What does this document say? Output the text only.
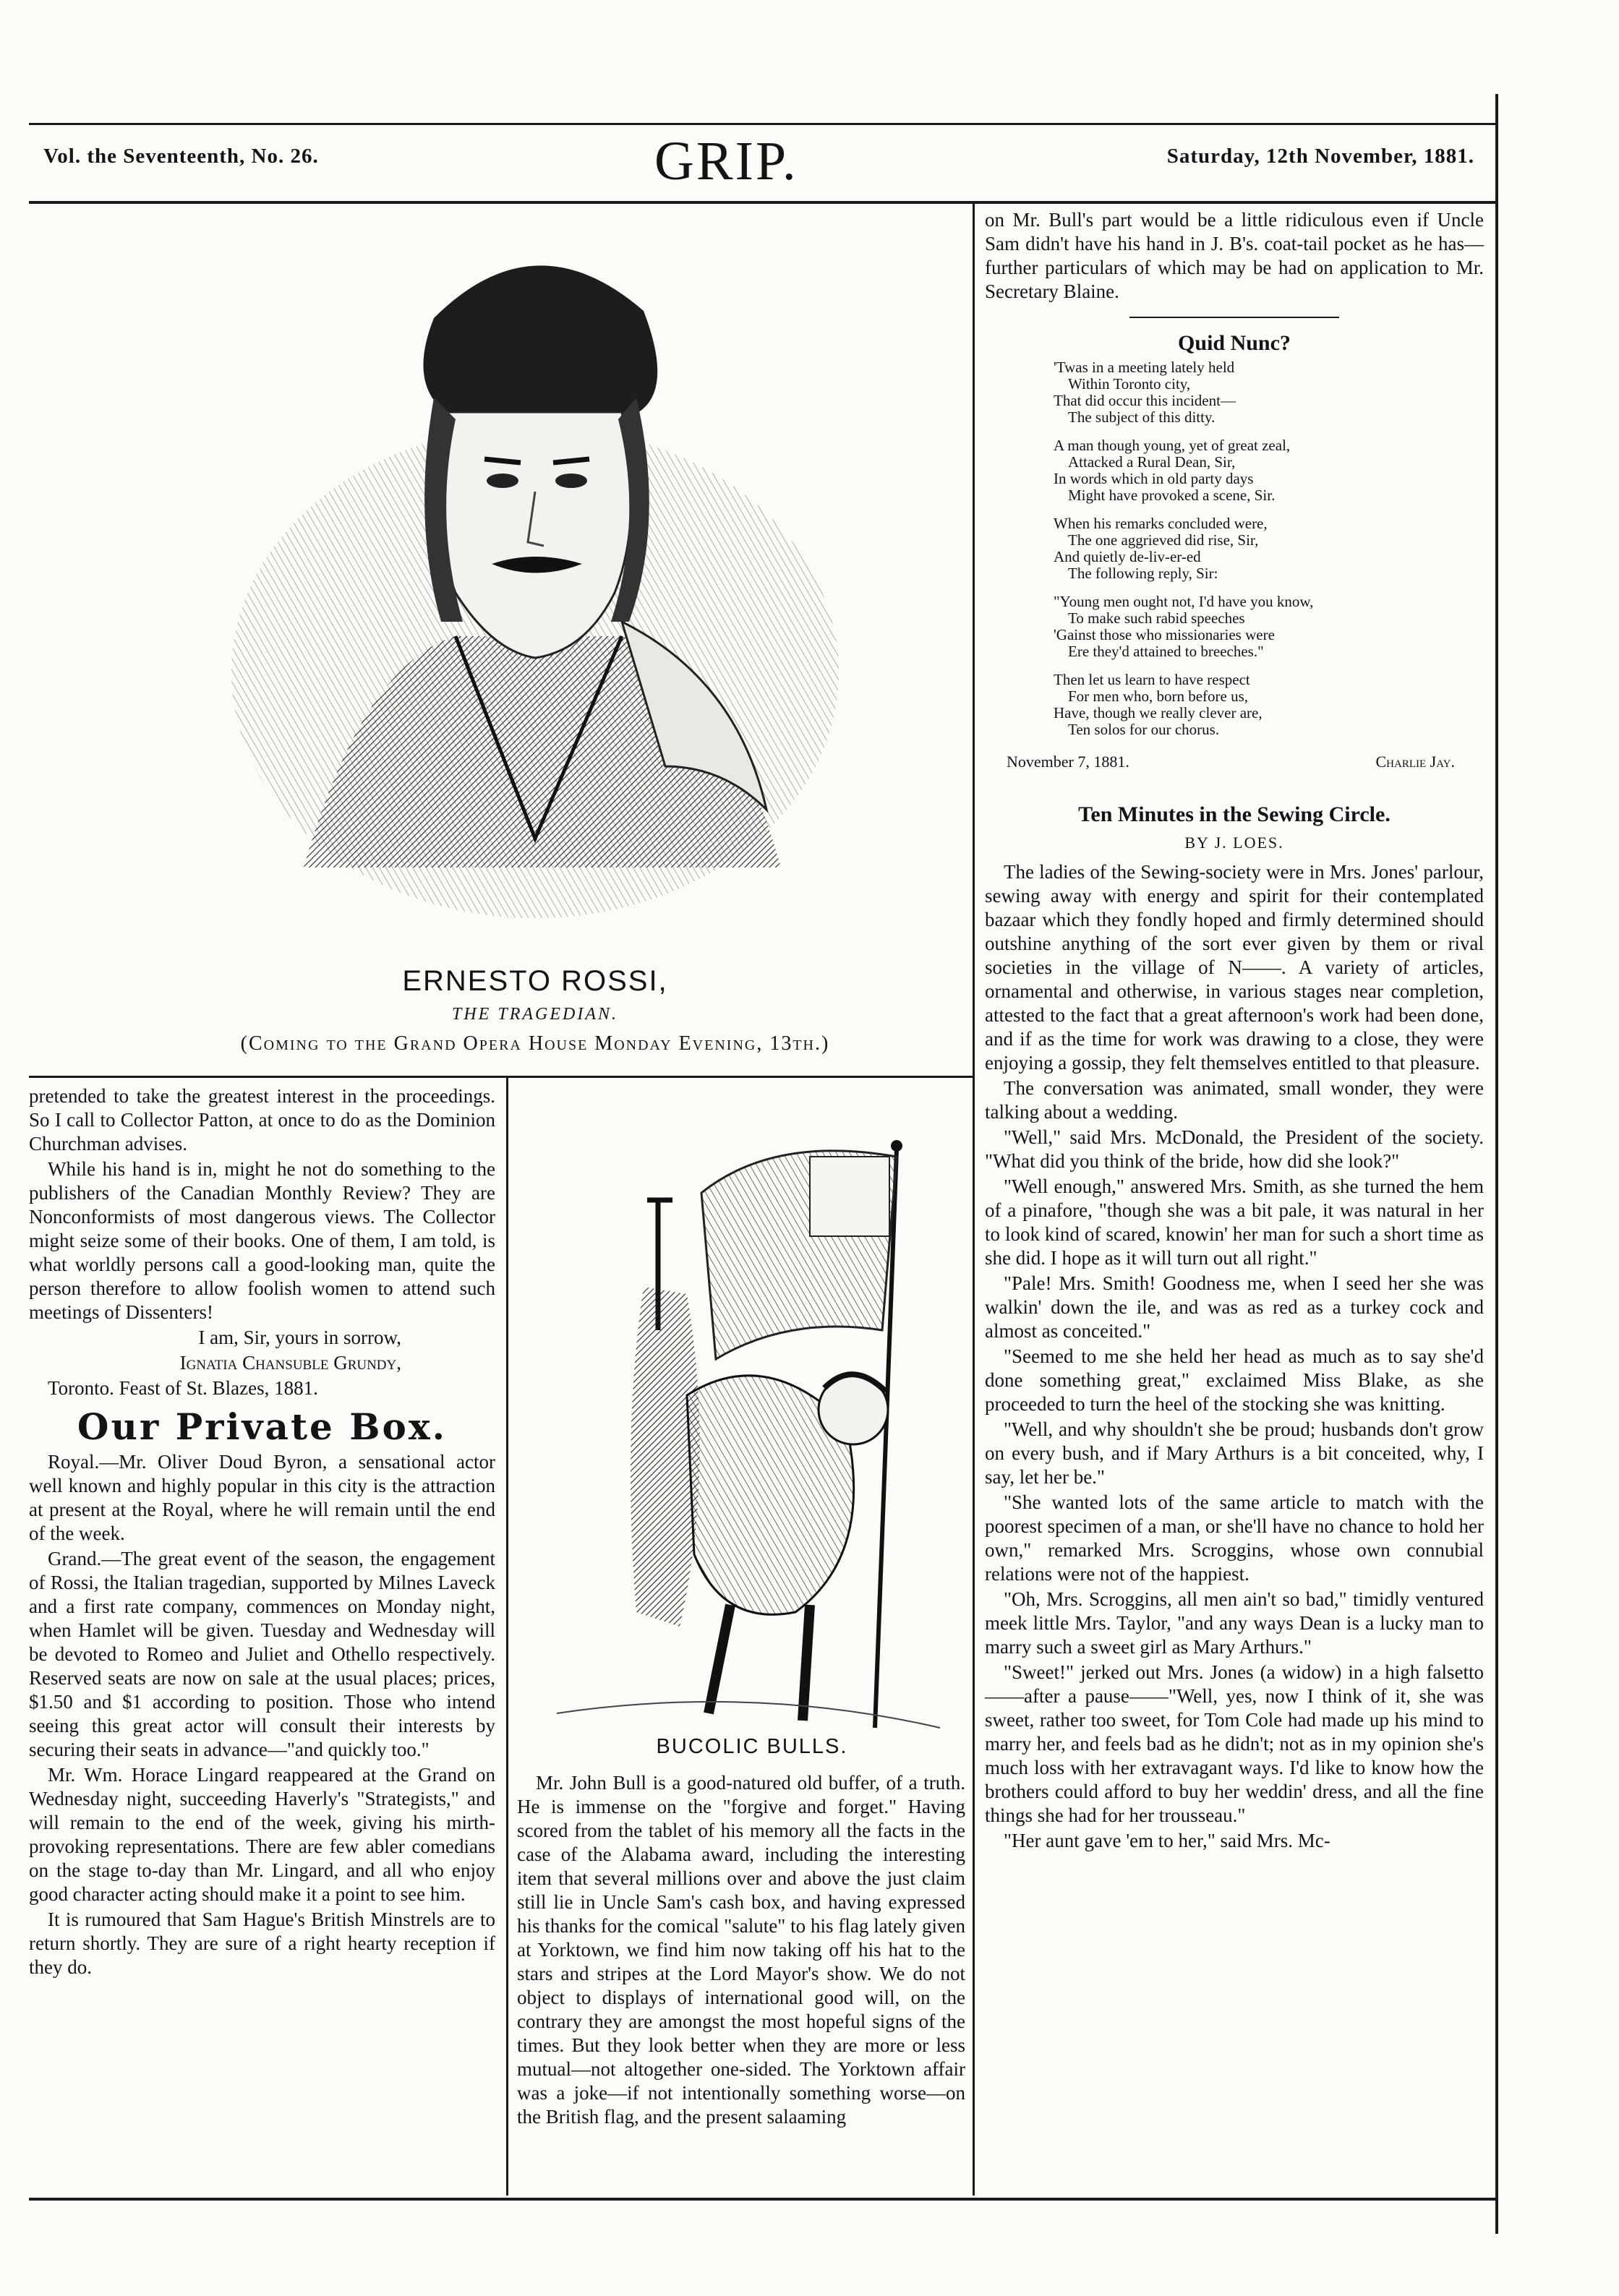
Vol. the Seventeenth, No. 26.	GRIP.	Saturday, 12th November, 1881.
ERNESTO ROSSI,
THE TRAGEDIAN.
(Coming to the Grand Opera House Monday Evening, 13th.)

pretended to take the greatest interest in the proceedings. So I call to Collector Patton, at once to do as the Dominion Churchman advises.

While his hand is in, might he not do something to the publishers of the Canadian Monthly Review? They are Nonconformists of most dangerous views. The Collector might seize some of their books. One of them, I am told, is what worldly persons call a good-looking man, quite the person therefore to allow foolish women to attend such meetings of Dissenters!

I am, Sir, yours in sorrow,

Ignatia Chansuble Grundy,

Toronto. Feast of St. Blazes, 1881.

Our Private Box.

Royal.—Mr. Oliver Doud Byron, a sensational actor well known and highly popular in this city is the attraction at present at the Royal, where he will remain until the end of the week.

Grand.—The great event of the season, the engagement of Rossi, the Italian tragedian, supported by Milnes Laveck and a first rate company, commences on Monday night, when Hamlet will be given. Tuesday and Wednesday will be devoted to Romeo and Juliet and Othello respectively. Reserved seats are now on sale at the usual places; prices, $1.50 and $1 according to position. Those who intend seeing this great actor will consult their interests by securing their seats in advance—"and quickly too."

Mr. Wm. Horace Lingard reappeared at the Grand on Wednesday night, succeeding Haverly's "Strategists," and will remain to the end of the week, giving his mirth-provoking representations. There are few abler comedians on the stage to-day than Mr. Lingard, and all who enjoy good character acting should make it a point to see him.

It is rumoured that Sam Hague's British Minstrels are to return shortly. They are sure of a right hearty reception if they do.

BUCOLIC BULLS.

Mr. John Bull is a good-natured old buffer, of a truth. He is immense on the "forgive and forget." Having scored from the tablet of his memory all the facts in the case of the Alabama award, including the interesting item that several millions over and above the just claim still lie in Uncle Sam's cash box, and having expressed his thanks for the comical "salute" to his flag lately given at Yorktown, we find him now taking off his hat to the stars and stripes at the Lord Mayor's show. We do not object to displays of international good will, on the contrary they are amongst the most hopeful signs of the times. But they look better when they are more or less mutual—not altogether one-sided. The Yorktown affair was a joke—if not intentionally something worse—on the British flag, and the present salaaming

on Mr. Bull's part would be a little ridiculous even if Uncle Sam didn't have his hand in J. B's. coat-tail pocket as he has—further particulars of which may be had on application to Mr. Secretary Blaine.

Quid Nunc?
'Twas in a meeting lately held
Within Toronto city,
That did occur this incident—
The subject of this ditty.
A man though young, yet of great zeal,
Attacked a Rural Dean, Sir,
In words which in old party days
Might have provoked a scene, Sir.
When his remarks concluded were,
The one aggrieved did rise, Sir,
And quietly de-liv-er-ed
The following reply, Sir:
"Young men ought not, I'd have you know,
To make such rabid speeches
'Gainst those who missionaries were
Ere they'd attained to breeches."
Then let us learn to have respect
For men who, born before us,
Have, though we really clever are,
Ten solos for our chorus.
November 7, 1881.	Charlie Jay.
Ten Minutes in the Sewing Circle.
BY J. LOES.

The ladies of the Sewing-society were in Mrs. Jones' parlour, sewing away with energy and spirit for their contemplated bazaar which they fondly hoped and firmly determined should outshine anything of the sort ever given by them or rival societies in the village of N——. A variety of articles, ornamental and otherwise, in various stages near completion, attested to the fact that a great afternoon's work had been done, and if as the time for work was drawing to a close, they were enjoying a gossip, they felt themselves entitled to that pleasure.

The conversation was animated, small wonder, they were talking about a wedding.

"Well," said Mrs. McDonald, the President of the society. "What did you think of the bride, how did she look?"

"Well enough," answered Mrs. Smith, as she turned the hem of a pinafore, "though she was a bit pale, it was natural in her to look kind of scared, knowin' her man for such a short time as she did. I hope as it will turn out all right."

"Pale! Mrs. Smith! Goodness me, when I seed her she was walkin' down the ile, and was as red as a turkey cock and almost as conceited."

"Seemed to me she held her head as much as to say she'd done something great," exclaimed Miss Blake, as she proceeded to turn the heel of the stocking she was knitting.

"Well, and why shouldn't she be proud; husbands don't grow on every bush, and if Mary Arthurs is a bit conceited, why, I say, let her be."

"She wanted lots of the same article to match with the poorest specimen of a man, or she'll have no chance to hold her own," remarked Mrs. Scroggins, whose own connubial relations were not of the happiest.

"Oh, Mrs. Scroggins, all men ain't so bad," timidly ventured meek little Mrs. Taylor, "and any ways Dean is a lucky man to marry such a sweet girl as Mary Arthurs."

"Sweet!" jerked out Mrs. Jones (a widow) in a high falsetto——after a pause——"Well, yes, now I think of it, she was sweet, rather too sweet, for Tom Cole had made up his mind to marry her, and feels bad as he didn't; not as in my opinion she's much loss with her extravagant ways. I'd like to know how the brothers could afford to buy her weddin' dress, and all the fine things she had for her trousseau."

"Her aunt gave 'em to her," said Mrs. Mc-
